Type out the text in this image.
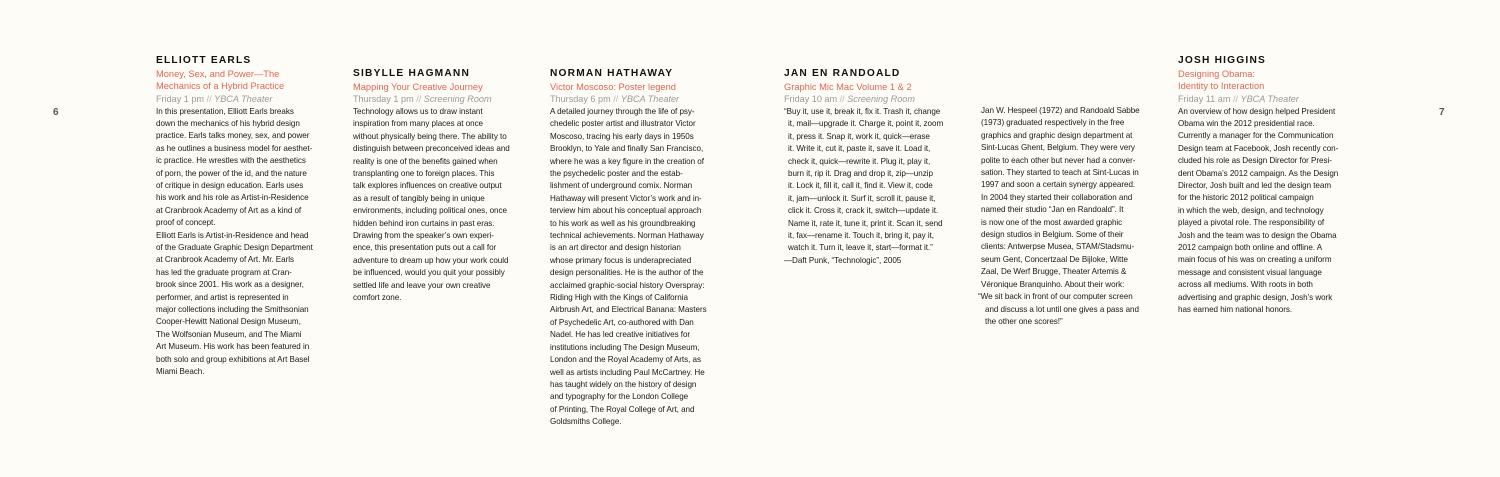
6	7
ELLIOTT EARLS
Money, Sex, and Power—The
Mechanics of a Hybrid Practice
Friday 1 pm // YBCA Theater
In this presentation, Elliott Earls breaks
down the mechanics of his hybrid design
practice. Earls talks money, sex, and power
as he outlines a business model for aesthet-
ic practice. He wrestles with the aesthetics
of porn, the power of the id, and the nature
of critique in design education. Earls uses
his work and his role as Artist-in-Residence
at Cranbrook Academy of Art as a kind of
proof of concept.
Elliott Earls is Artist-in-Residence and head
of the Graduate Graphic Design Department
at Cranbrook Academy of Art. Mr. Earls
has led the graduate program at Cran-
brook since 2001. His work as a designer,
performer, and artist is represented in
major collections including the Smithsonian
Cooper-Hewitt National Design Museum,
The Wolfsonian Museum, and The Miami
Art Museum. His work has been featured in
both solo and group exhibitions at Art Basel
Miami Beach.
SIBYLLE HAGMANN
Mapping Your Creative Journey
Thursday 1 pm // Screening Room
Technology allows us to draw instant
inspiration from many places at once
without physically being there. The ability to
distinguish between preconceived ideas and
reality is one of the benefits gained when
transplanting one to foreign places. This
talk explores influences on creative output
as a result of tangibly being in unique
environments, including political ones, once
hidden behind iron curtains in past eras.
Drawing from the speaker’s own experi-
ence, this presentation puts out a call for
adventure to dream up how your work could
be influenced, would you quit your possibly
settled life and leave your own creative
comfort zone.
NORMAN HATHAWAY
Victor Moscoso: Poster legend
Thursday 6 pm // YBCA Theater
A detailed journey through the life of psy-
chedelic poster artist and illustrator Victor
Moscoso, tracing his early days in 1950s
Brooklyn, to Yale and finally San Francisco,
where he was a key figure in the creation of
the psychedelic poster and the estab-
lishment of underground comix. Norman
Hathaway will present Victor’s work and in-
terview him about his conceptual approach
to his work as well as his groundbreaking
technical achievements. Norman Hathaway
is an art director and design historian
whose primary focus is underapreciated
design personalities. He is the author of the
acclaimed graphic-social history Overspray:
Riding High with the Kings of California
Airbrush Art, and Electrical Banana: Masters
of Psychedelic Art, co-authored with Dan
Nadel. He has led creative initiatives for
institutions including The Design Museum,
London and the Royal Academy of Arts, as
well as artists including Paul McCartney. He
has taught widely on the history of design
and typography for the London College
of Printing, The Royal College of Art, and
Goldsmiths College.
JAN EN RANDOALD
Graphic Mic Mac Volume 1 & 2
Friday 10 am // Screening Room
“Buy it, use it, break it, fix it. Trash it, change
it, mail—upgrade it. Charge it, point it, zoom
it, press it. Snap it, work it, quick—erase
it. Write it, cut it, paste it, save it. Load it,
check it, quick—rewrite it. Plug it, play it,
burn it, rip it. Drag and drop it, zip—unzip
it. Lock it, fill it, call it, find it. View it, code
it, jam—unlock it. Surf it, scroll it, pause it,
click it. Cross it, crack it, switch—update it.
Name it, rate it, tune it, print it. Scan it, send
it, fax—rename it. Touch it, bring it, pay it,
watch it. Turn it, leave it, start—format it.”
—Daft Punk, “Technologic”, 2005
Jan W. Hespeel (1972) and Randoald Sabbe
(1973) graduated respectively in the free
graphics and graphic design department at
Sint-Lucas Ghent, Belgium. They were very
polite to each other but never had a conver-
sation. They started to teach at Sint-Lucas in
1997 and soon a certain synergy appeared.
In 2004 they started their collaboration and
named their studio “Jan en Randoald”. It
is now one of the most awarded graphic
design studios in Belgium. Some of their
clients: Antwerpse Musea, STAM/Stadsmu-
seum Gent, Concertzaal De Bijloke, Witte
Zaal, De Werf Brugge, Theater Artemis &
Véronique Branquinho. About their work:
“We sit back in front of our computer screen
and discuss a lot until one gives a pass and
the other one scores!”
JOSH HIGGINS
Designing Obama:
Identity to Interaction
Friday 11 am // YBCA Theater
An overview of how design helped President
Obama win the 2012 presidential race.
Currently a manager for the Communication
Design team at Facebook, Josh recently con-
cluded his role as Design Director for Presi-
dent Obama’s 2012 campaign. As the Design
Director, Josh built and led the design team
for the historic 2012 political campaign
in which the web, design, and technology
played a pivotal role. The responsibility of
Josh and the team was to design the Obama
2012 campaign both online and offline. A
main focus of his was on creating a uniform
message and consistent visual language
across all mediums. With roots in both
advertising and graphic design, Josh’s work
has earned him national honors.
